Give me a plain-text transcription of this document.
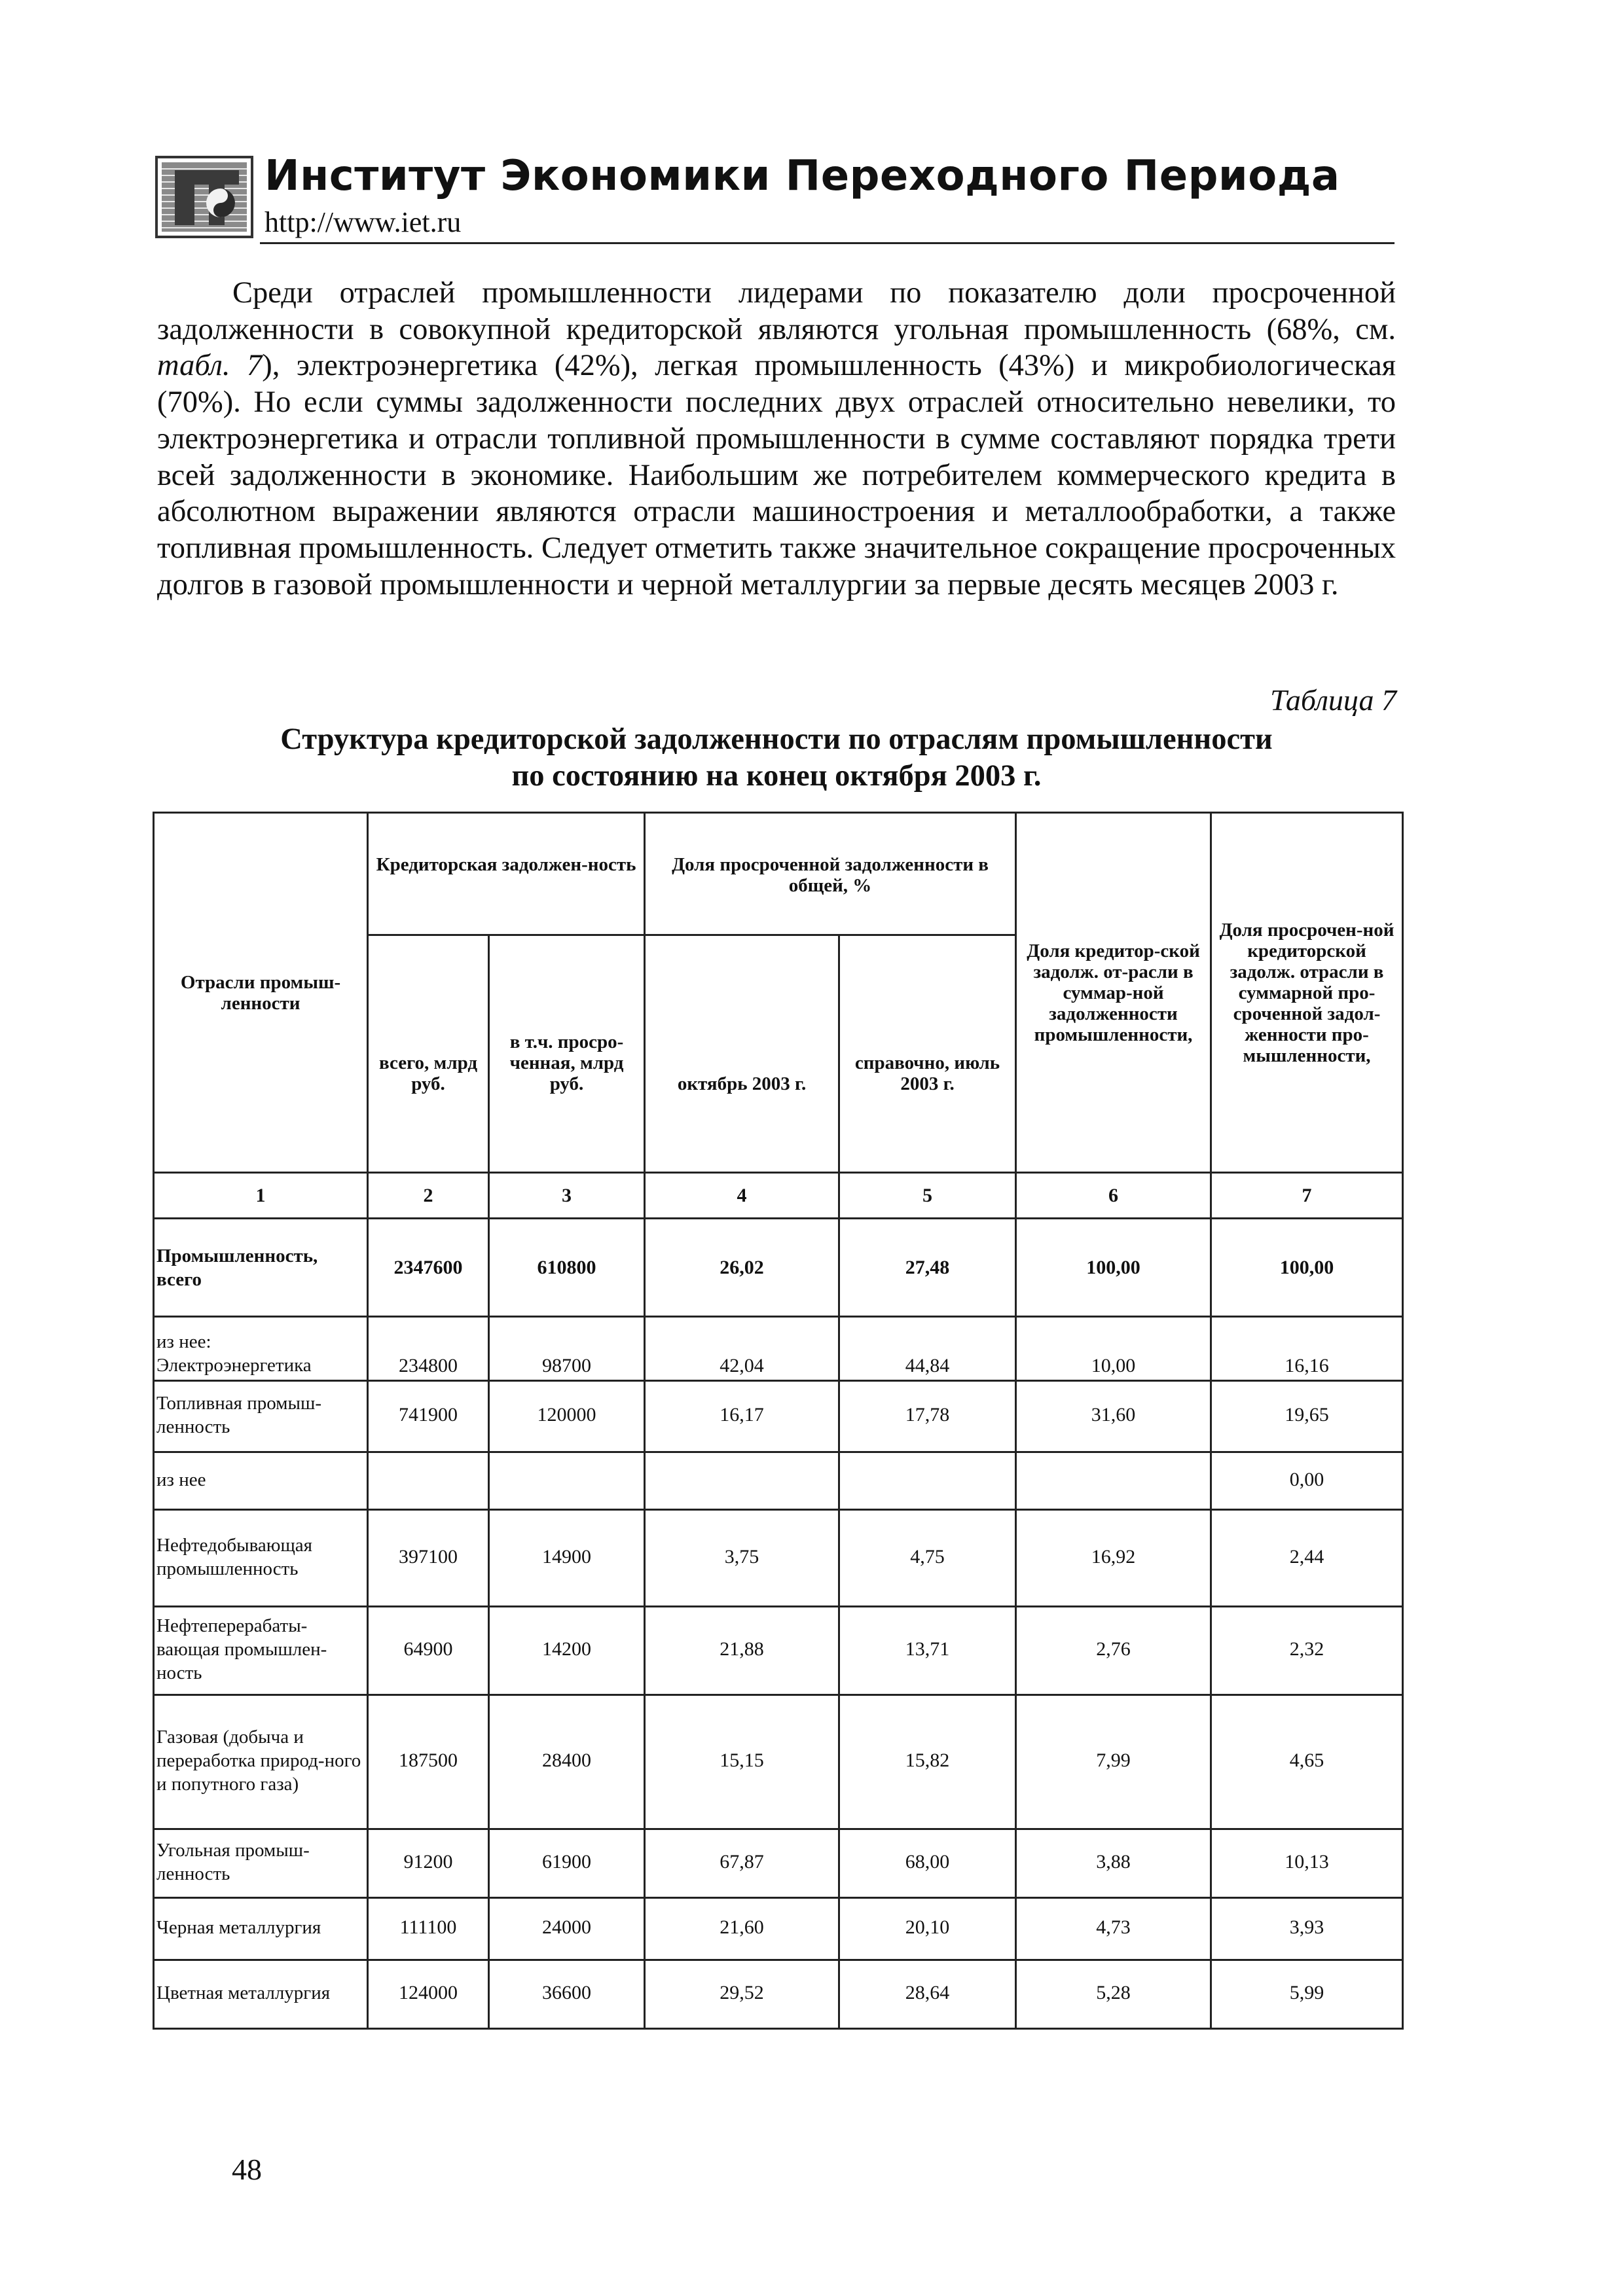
Институт Экономики Переходного Периода
http://www.iet.ru

Среди отраслей промышленности лидерами по показателю доли просроченной задолженности в совокупной кредиторской являются угольная промышленность (68%, см. табл. 7), электроэнергетика (42%), легкая промышленность (43%) и микробиологическая (70%). Но если суммы задолженности последних двух отраслей относительно невелики, то электроэнергетика и отрасли топливной промышленности в сумме составляют порядка трети всей задолженности в экономике. Наибольшим же потребителем коммерческого кредита в абсолютном выражении являются отрасли машиностроения и металлообработки, а также топливная промышленность. Следует отметить также значительное сокращение просроченных долгов в газовой промышленности и черной металлургии за первые десять месяцев 2003 г.

Таблица 7
Структура кредиторской задолженности по отраслям промышленности
по состоянию на конец октября 2003 г.
Отрасли промыш-ленности	Кредиторская задолжен-ность		Доля просроченной задолженности в общей, %		Доля кредитор-ской задолж. от-расли в суммар-ной задолженности промышленности,	Доля просрочен-ной кредиторской задолж. отрасли в суммарной про-сроченной задол-женности про-мышленности,
	всего, млрд руб.	в т.ч. просро-ченная, млрд руб.	октябрь 2003 г.	справочно, июль 2003 г.		
1	2	3	4	5	6	7
Промышленность, всего	2347600	610800	26,02	27,48	100,00	100,00
из нее: Электроэнергетика	234800	98700	42,04	44,84	10,00	16,16
Топливная промыш-ленность	741900	120000	16,17	17,78	31,60	19,65
из нее						0,00
Нефтедобывающая промышленность	397100	14900	3,75	4,75	16,92	2,44
Нефтеперерабаты-вающая промышлен-ность	64900	14200	21,88	13,71	2,76	2,32
Газовая (добыча и переработка природ-ного и попутного газа)	187500	28400	15,15	15,82	7,99	4,65
Угольная промыш-ленность	91200	61900	67,87	68,00	3,88	10,13
Черная металлургия	111100	24000	21,60	20,10	4,73	3,93
Цветная металлургия	124000	36600	29,52	28,64	5,28	5,99
48
